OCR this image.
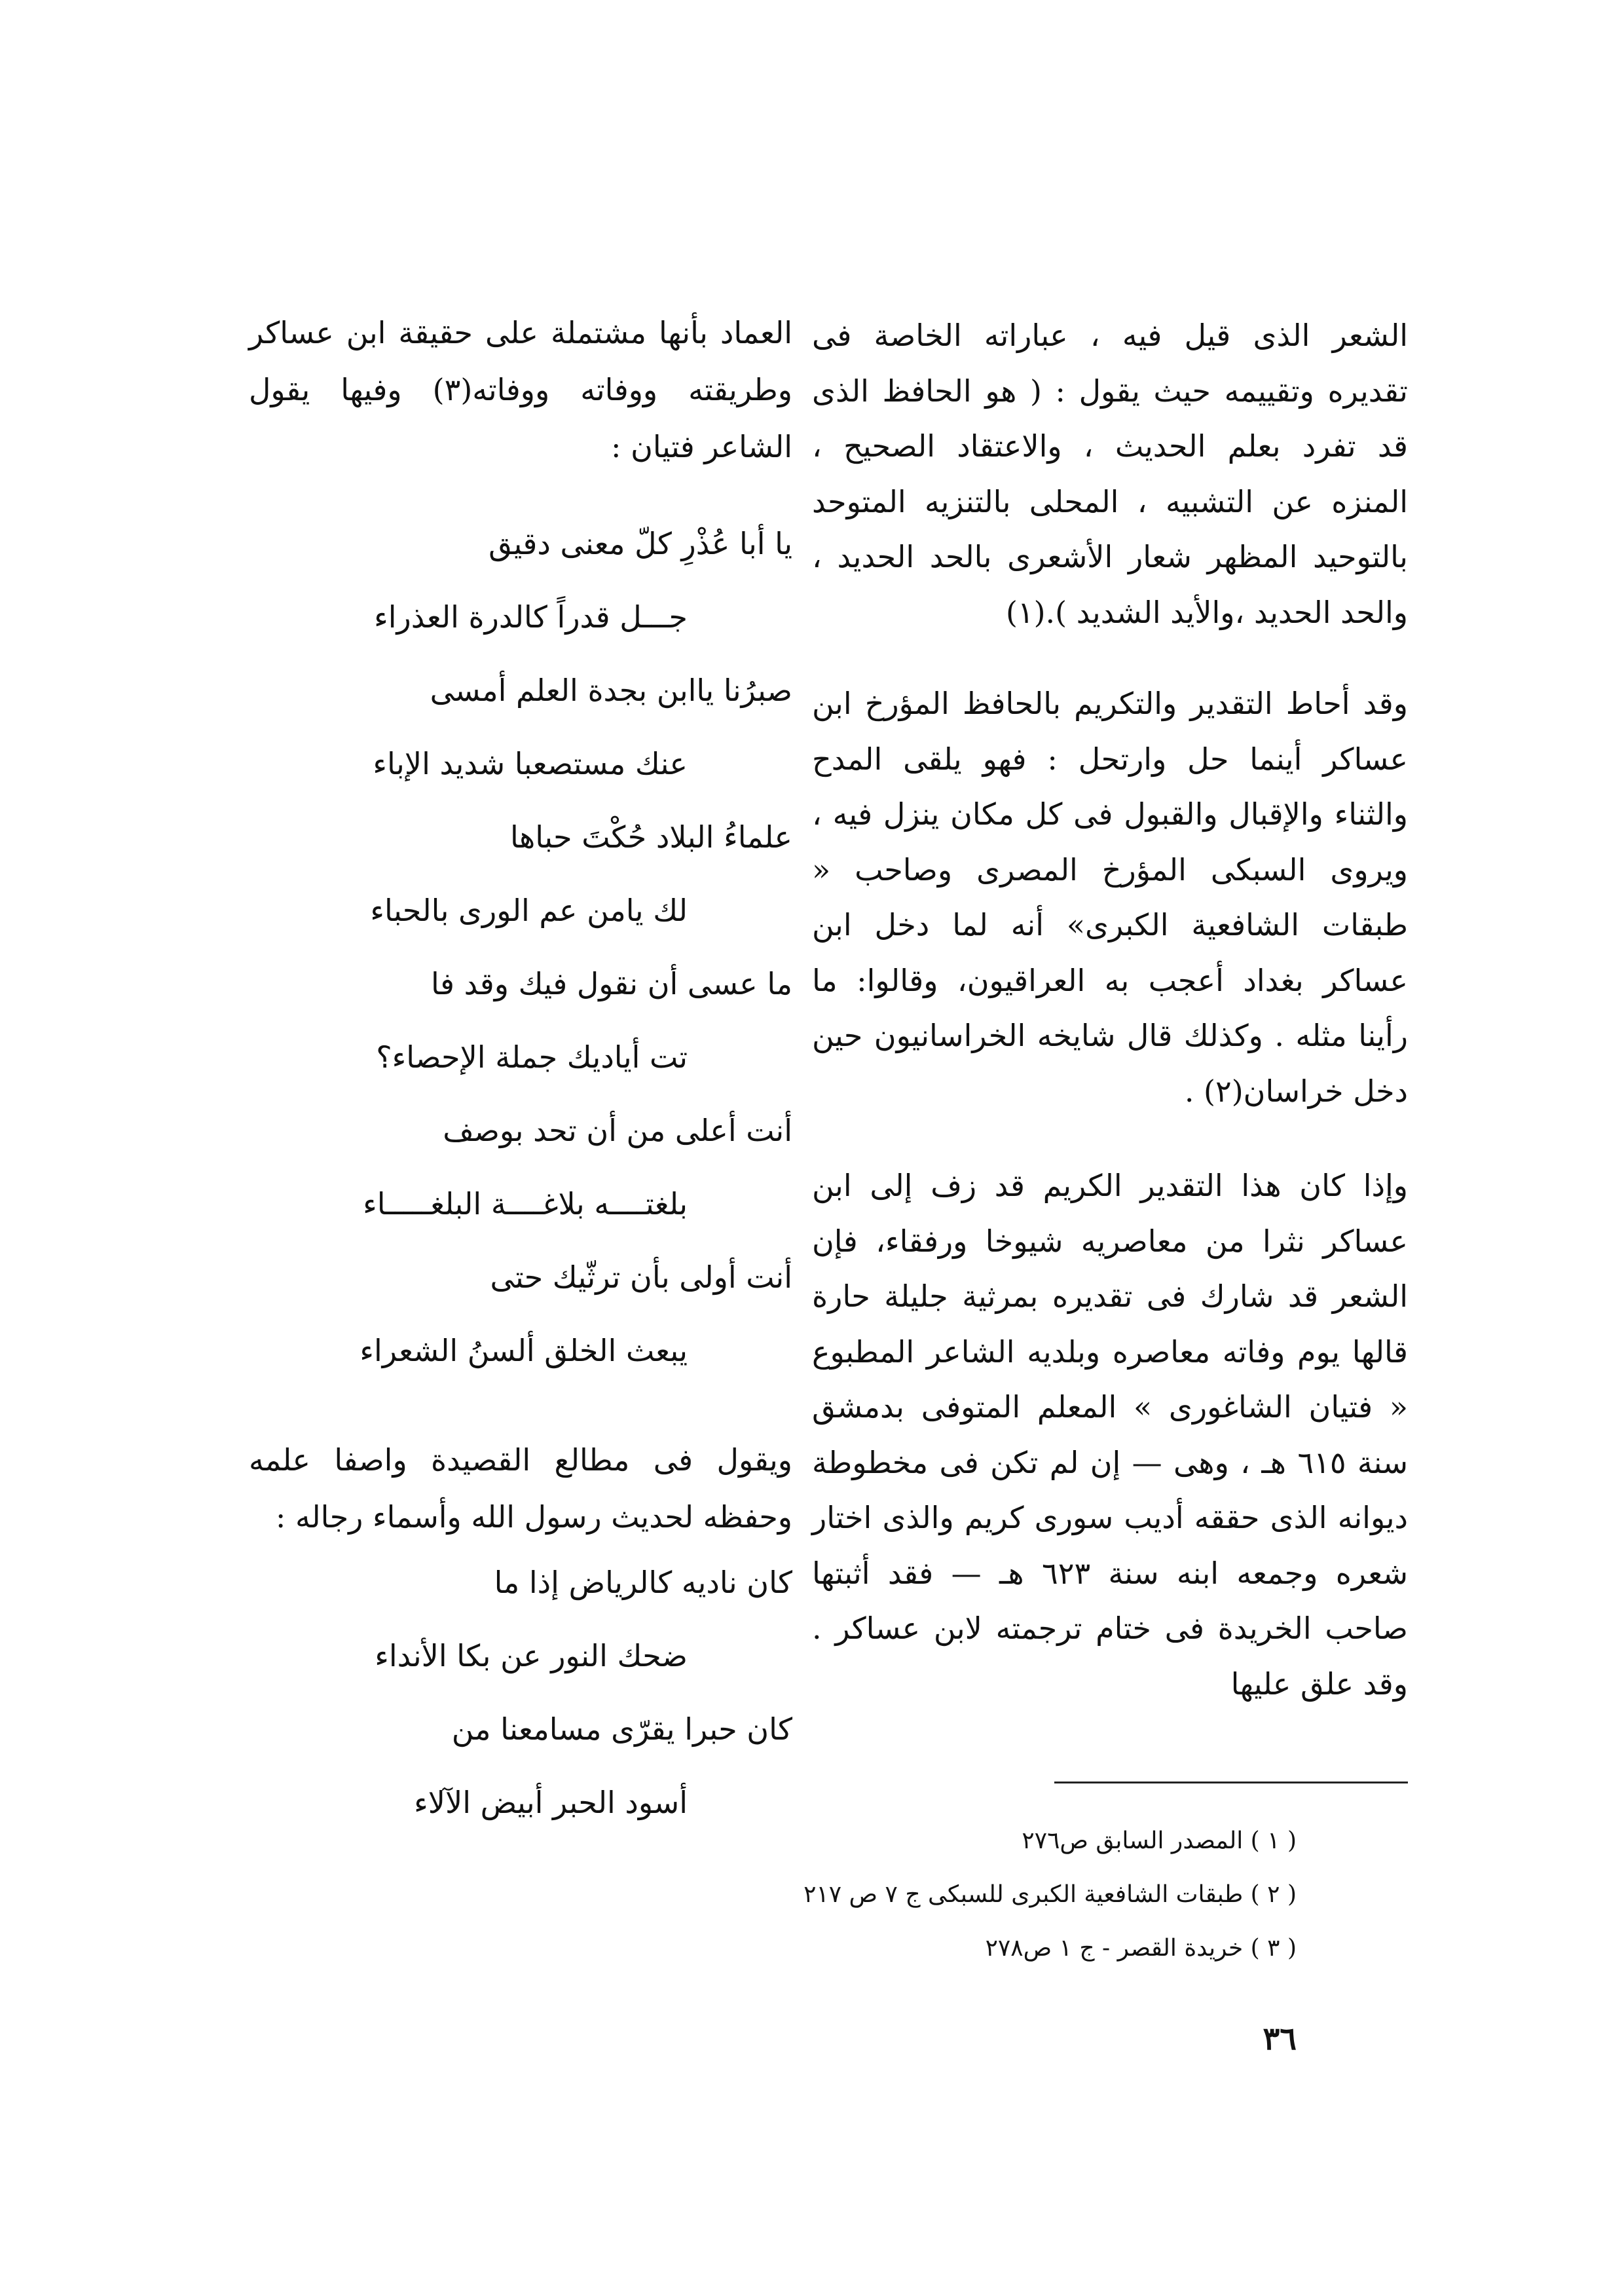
الشعر الذى قيل فيه ، عباراته الخاصة فى تقديره وتقييمه حيث يقول : ( هو الحافظ الذى قد تفرد بعلم الحديث ، والاعتقاد الصحيح ، المنزه عن التشبيه ، المحلى بالتنزيه المتوحد بالتوحيد المظهر شعار الأشعرى بالحد الحديد ، والحد الحديد ،والأيد الشديد ).(١)

وقد أحاط التقدير والتكريم بالحافظ المؤرخ ابن عساكر أينما حل وارتحل : فهو يلقى المدح والثناء والإقبال والقبول فى كل مكان ينزل فيه ، ويروى السبكى المؤرخ المصرى وصاحب « طبقات الشافعية الكبرى» أنه لما دخل ابن عساكر بغداد أعجب به العراقيون، وقالوا: ما رأينا مثله . وكذلك قال شايخه الخراسانيون حين دخل خراسان(٢) .

وإذا كان هذا التقدير الكريم قد زف إلى ابن عساكر نثرا من معاصريه شيوخا ورفقاء، فإن الشعر قد شارك فى تقديره بمرثية جليلة حارة قالها يوم وفاته معاصره وبلديه الشاعر المطبوع « فتيان الشاغورى » المعلم المتوفى بدمشق سنة ٦١٥ هـ ، وهى — إن لم تكن فى مخطوطة ديوانه الذى حققه أديب سورى كريم والذى اختار شعره وجمعه ابنه سنة ٦٢٣ هـ — فقد أثبتها صاحب الخريدة فى ختام ترجمته لابن عساكر . وقد علق عليها

العماد بأنها مشتملة على حقيقة ابن عساكر وطريقته ووفاته ووفاته(٣) وفيها يقول الشاعر فتيان :

يا أبا عُذْرِ كلّ معنى دقيق
جـــل قدراً كالدرة العذراء
صبرُنا ياابن بجدة العلم أمسى
عنك مستصعبا شديد الإباء
علماءُ البلاد حُكْتَ حباها
لك يامن عم الورى بالحباء
ما عسى أن نقول فيك وقد فا
تت أياديك جملة الإحصاء؟
أنت أعلى من أن تحد بوصف
بلغتــــه بلاغــــة البلغـــــاء
أنت أولى بأن ترثّيك حتى
يبعث الخلق ألسنُ الشعراء

ويقول فى مطالع القصيدة واصفا علمه وحفظه لحديث رسول الله وأسماء رجاله :

كان ناديه كالرياض إذا ما
ضحك النور عن بكا الأنداء
كان حبرا يقرّى مسامعنا من
أسود الحبر أبيض الآلاء
( ١ ) المصدر السابق ص٢٧٦
( ٢ ) طبقات الشافعية الكبرى للسبكى ج ٧ ص ٢١٧
( ٣ ) خريدة القصر - ج ١ ص٢٧٨
٣٦
